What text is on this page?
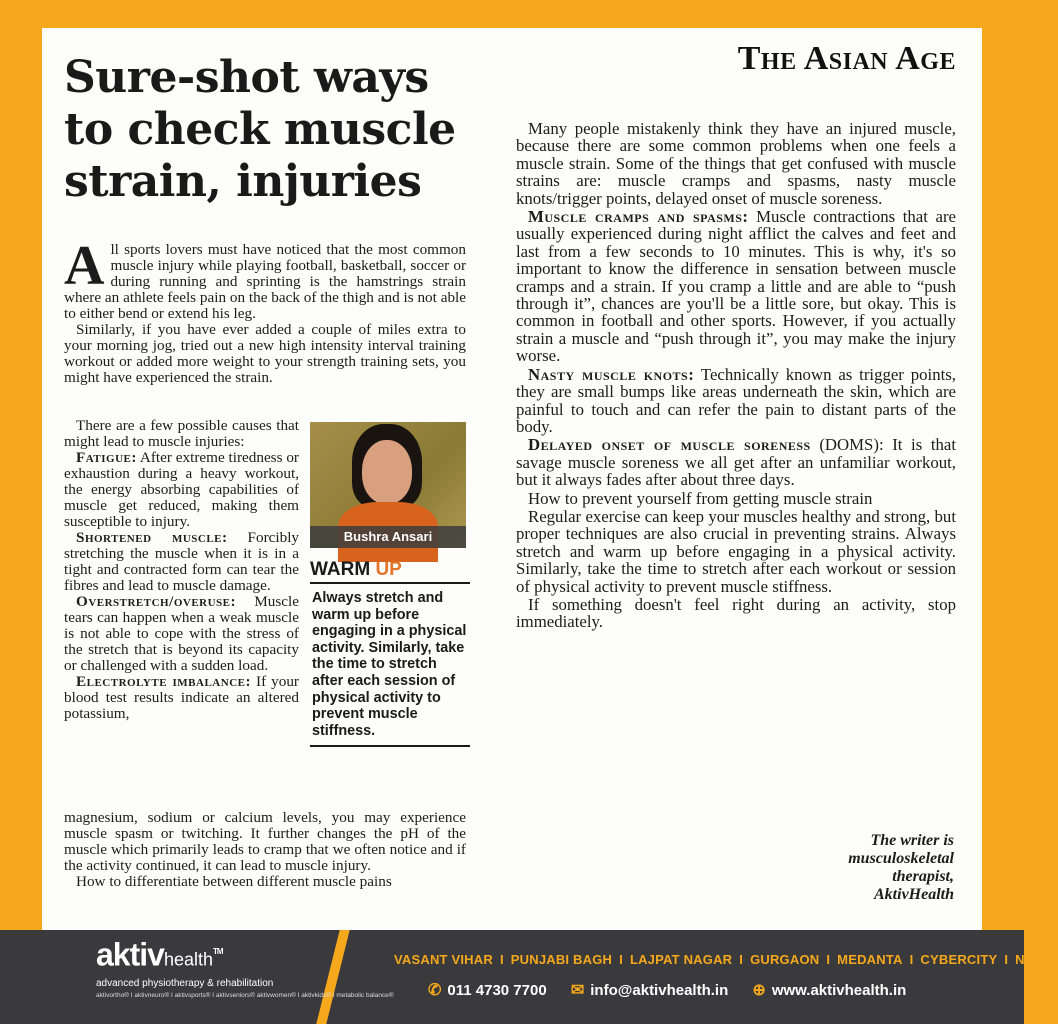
The Asian Age
Sure-shot ways to check muscle strain, injuries

All sports lovers must have noticed that the most common muscle injury while playing football, basketball, soccer or during running and sprinting is the hamstrings strain where an athlete feels pain on the back of the thigh and is not able to either bend or extend his leg.

Similarly, if you have ever added a couple of miles extra to your morning jog, tried out a new high intensity interval training workout or added more weight to your strength training sets, you might have experienced the strain.

There are a few possible causes that might lead to muscle injuries:

Fatigue: After extreme tiredness or exhaustion during a heavy workout, the energy absorbing capabilities of muscle get reduced, making them susceptible to injury.

Shortened muscle: Forcibly stretching the muscle when it is in a tight and contracted form can tear the fibres and lead to muscle damage.

Overstretch/overuse: Muscle tears can happen when a weak muscle is not able to cope with the stress of the stretch that is beyond its capacity or challenged with a sudden load.

Electrolyte imbalance: If your blood test results indicate an altered potassium,

Bushra Ansari
WARM UP
Always stretch and warm up before engaging in a physical activity. Similarly, take the time to stretch after each session of physical activity to prevent muscle stiffness.

magnesium, sodium or calcium levels, you may experience muscle spasm or twitching. It further changes the pH of the muscle which primarily leads to cramp that we often notice and if the activity continued, it can lead to muscle injury.

How to differentiate between different muscle pains

Many people mistakenly think they have an injured muscle, because there are some common problems when one feels a muscle strain. Some of the things that get confused with muscle strains are: muscle cramps and spasms, nasty muscle knots/trigger points, delayed onset of muscle soreness.

Muscle cramps and spasms: Muscle contractions that are usually experienced during night afflict the calves and feet and last from a few seconds to 10 minutes. This is why, it's so important to know the difference in sensation between muscle cramps and a strain. If you cramp a little and are able to “push through it”, chances are you'll be a little sore, but okay. This is common in football and other sports. However, if you actually strain a muscle and “push through it”, you may make the injury worse.

Nasty muscle knots: Technically known as trigger points, they are small bumps like areas underneath the skin, which are painful to touch and can refer the pain to distant parts of the body.

Delayed onset of muscle soreness (DOMS): It is that savage muscle soreness we all get after an unfamiliar workout, but it always fades after about three days.

How to prevent yourself from getting muscle strain

Regular exercise can keep your muscles healthy and strong, but proper techniques are also crucial in preventing strains. Always stretch and warm up before engaging in a physical activity. Similarly, take the time to stretch after each workout or session of physical activity to prevent muscle stiffness.

If something doesn't feel right during an activity, stop immediately.

The writer is
musculoskeletal
therapist,
AktivHealth
aktivhealth™
advanced physiotherapy & rehabilitation
aktivortho® I aktivneuro® I aktivsports® I aktivseniors® aktivwomen® I aktivkids® I metabolic balance®
VASANT VIHAR I PUNJABI BAGH I LAJPAT NAGAR I GURGAON I MEDANTA I CYBERCITY I NOIDA
✆ 011 4730 7700 ✉ info@aktivhealth.in ⊕ www.aktivhealth.in
